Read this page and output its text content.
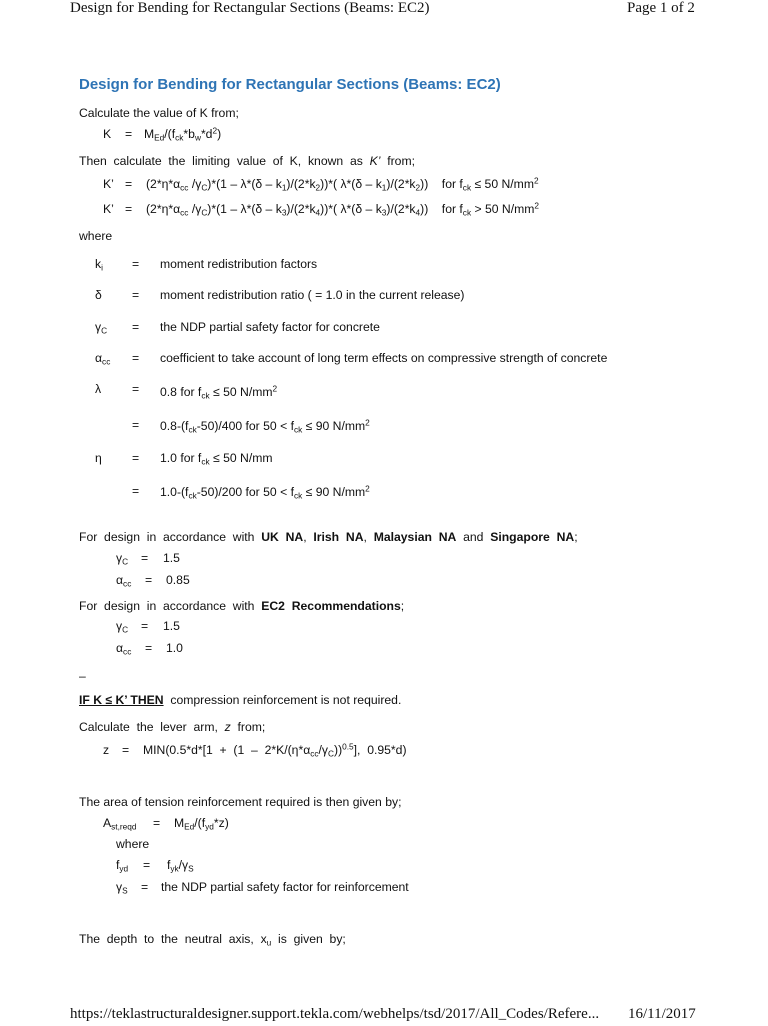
Design for Bending for Rectangular Sections (Beams: EC2)	Page 1 of 2
Design for Bending for Rectangular Sections (Beams: EC2)
Calculate the value of K from;
$K = M_{Ed}/(f_{ck}*b_w*d^2)$
Then  calculate  the  limiting  value  of  K,  known  as  K’  from;
K’ = ($2*\eta*\alpha_{cc}$ $/\gamma_C)*(1 - \lambda*(\delta - k_1)/(2*k_2))*$( $\lambda*(\delta - k_1)/(2*k_2)$)    for $f_{ck} \le 50$ $N/mm^2$
K’ = ($2*\eta*\alpha_{cc}$ $/\gamma_C)*(1 - \lambda*(\delta - k_3)/(2*k_4))*$( $\lambda*(\delta - k_3)/(2*k_4)$)    for $f_{ck} > 50$ $N/mm^2$
where
$k_i$ = moment redistribution factors
δ = moment redistribution ratio ( = 1.0 in the current release)
$\gamma_C$ = the NDP partial safety factor for concrete
$\alpha_{cc}$ = coefficient to take account of long term effects on compressive strength of concrete
λ	= 0.8 for $f_{ck} \le 50$ $N/mm^2$
= $0.8-(f_{ck}-50)/400$ for $50 < f_{ck} \le 90$ $N/mm^2$
η = 1.0 for $f_{ck} \le 50$ N/mm
= $1.0-(f_{ck}-50)/200$ for $50 < f_{ck} \le 90$ $N/mm^2$
For  design  in  accordance  with  UK  NA,  Irish  NA,  Malaysian  NA  and  Singapore  NA;
$\gamma_C = 1.5$
$\alpha_{cc} = 0.85$
For  design  in  accordance  with  EC2  Recommendations;
$\gamma_C = 1.5$
$\alpha_{cc} = 1.0$
–
IF K ≤ K’ THEN compression reinforcement is not required.
Calculate  the  lever  arm,  z  from;
$z = MIN(0.5*d*[1 + (1 - 2*K/(\eta*\alpha_{cc}/\gamma_C))^{0.5}]$,  0.95*d)
The area of tension reinforcement required is then given by;
$A_{st,reqd} = M_{Ed}/(f_{yd}*z)$
where
$f_{yd} = f_{yk}/\gamma_S$
$\gamma_S$ = the NDP partial safety factor for reinforcement
The  depth  to  the  neutral  axis,  $x_u$  is  given  by;
https://teklastructuraldesigner.support.tekla.com/webhelps/tsd/2017/All_Codes/Refere... 16/11/2017
